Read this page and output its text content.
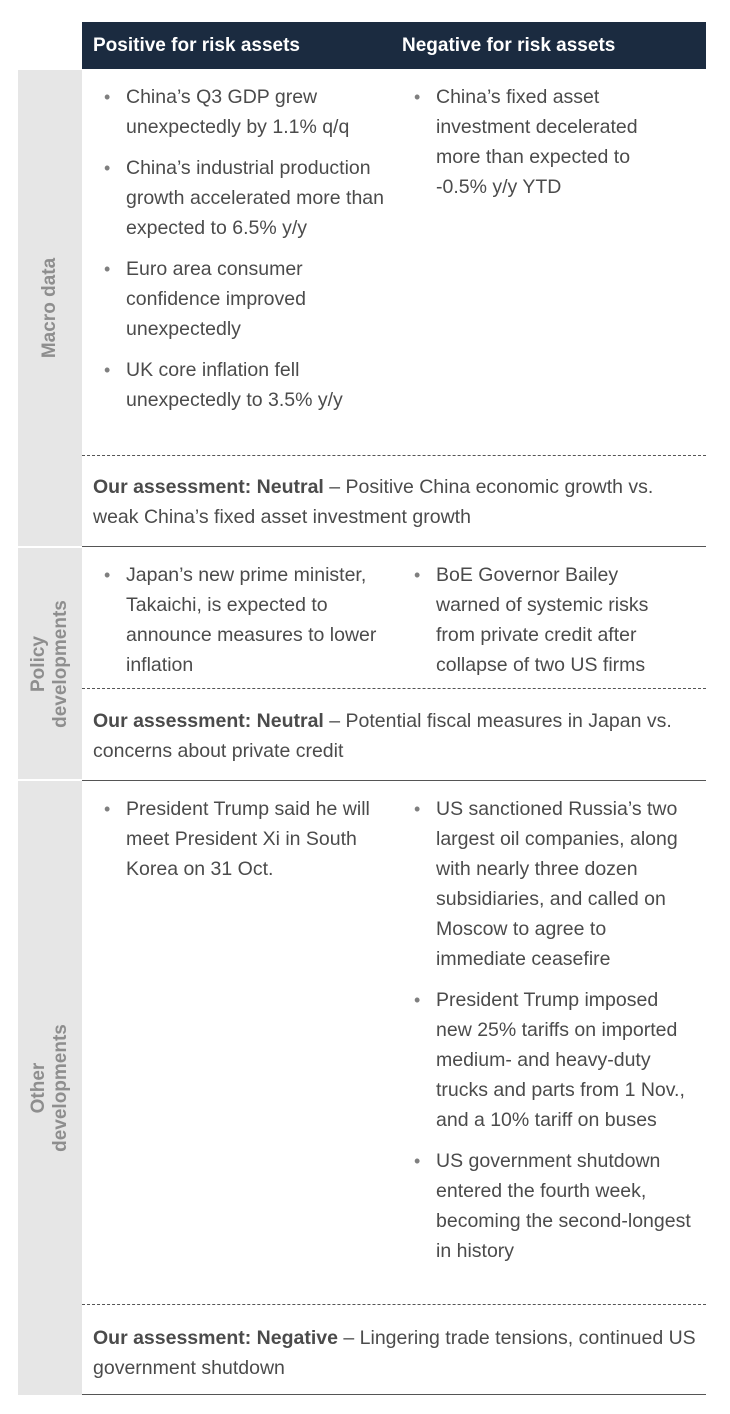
Positive for risk assets	Negative for risk assets
Macro data
Policy developments
Other developments
• China’s Q3 GDP grew unexpectedly by 1.1% q/q
• China’s industrial production growth accelerated more than expected to 6.5% y/y
• Euro area consumer confidence improved unexpectedly
• UK core inflation fell unexpectedly to 3.5% y/y
• China’s fixed asset investment decelerated more than expected to -0.5% y/y YTD
Our assessment: Neutral – Positive China economic growth vs. weak China’s fixed asset investment growth
• Japan’s new prime minister, Takaichi, is expected to announce measures to lower inflation
• BoE Governor Bailey warned of systemic risks from private credit after collapse of two US firms
Our assessment: Neutral – Potential fiscal measures in Japan vs. concerns about private credit
• President Trump said he will meet President Xi in South Korea on 31 Oct.
• US sanctioned Russia’s two largest oil companies, along with nearly three dozen subsidiaries, and called on Moscow to agree to immediate ceasefire
• President Trump imposed new 25% tariffs on imported medium- and heavy-duty trucks and parts from 1 Nov., and a 10% tariff on buses
• US government shutdown entered the fourth week, becoming the second-longest in history
Our assessment: Negative – Lingering trade tensions, continued US government shutdown
